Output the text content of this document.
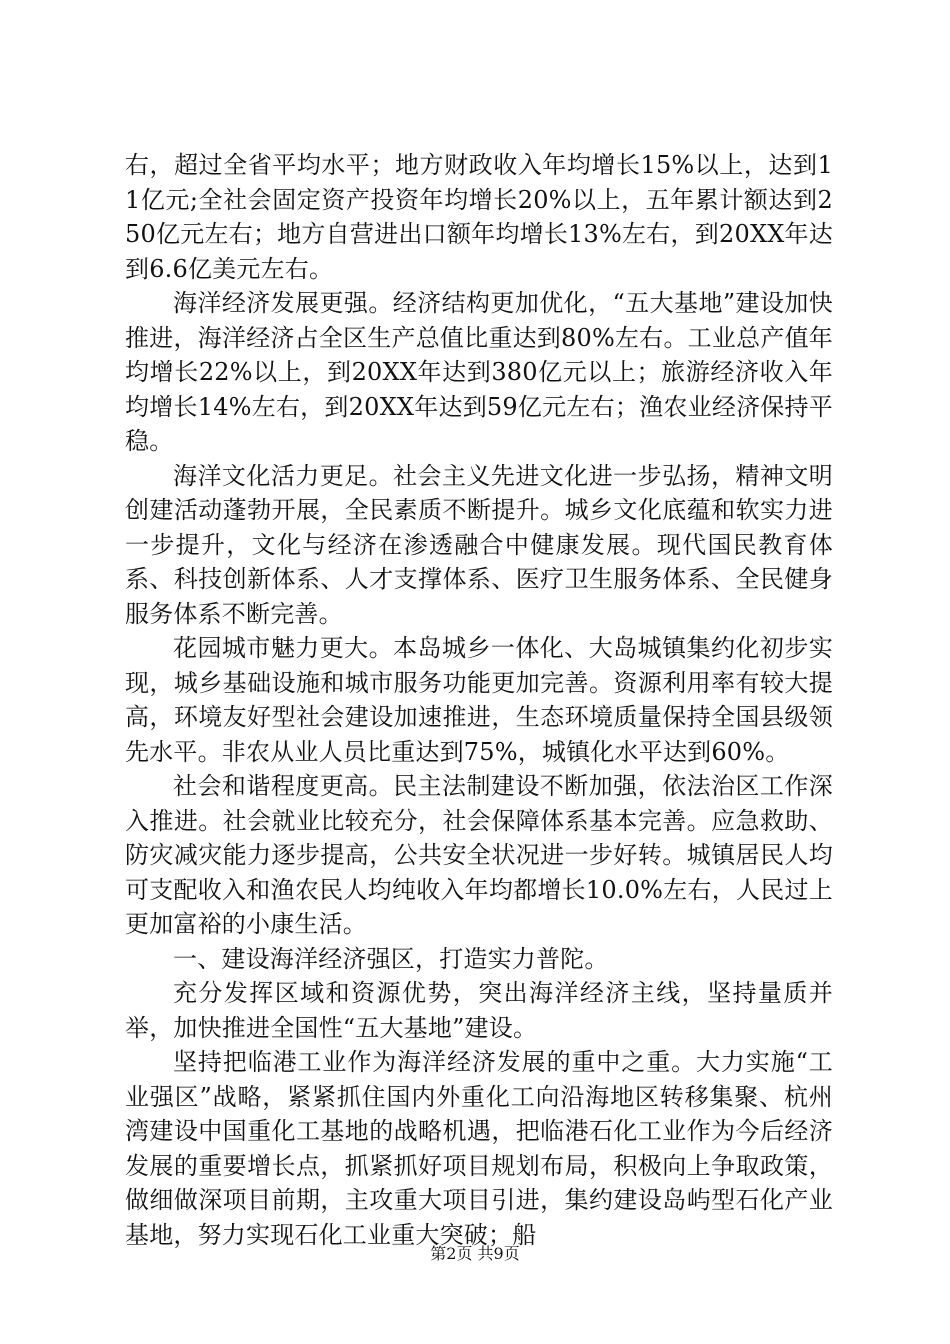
右，超过全省平均水平；地方财政收入年均增长15%以上，达到11亿元;全社会固定资产投资年均增长20%以上，五年累计额达到250亿元左右；地方自营进出口额年均增长13%左右，到20XX年达到6.6亿美元左右。

海洋经济发展更强。经济结构更加优化，“五大基地”建设加快推进，海洋经济占全区生产总值比重达到80%左右。工业总产值年均增长22%以上，到20XX年达到380亿元以上；旅游经济收入年均增长14%左右，到20XX年达到59亿元左右；渔农业经济保持平稳。

海洋文化活力更足。社会主义先进文化进一步弘扬，精神文明创建活动蓬勃开展，全民素质不断提升。城乡文化底蕴和软实力进一步提升，文化与经济在渗透融合中健康发展。现代国民教育体系、科技创新体系、人才支撑体系、医疗卫生服务体系、全民健身服务体系不断完善。

花园城市魅力更大。本岛城乡一体化、大岛城镇集约化初步实现，城乡基础设施和城市服务功能更加完善。资源利用率有较大提高，环境友好型社会建设加速推进，生态环境质量保持全国县级领先水平。非农从业人员比重达到75%，城镇化水平达到60%。

社会和谐程度更高。民主法制建设不断加强，依法治区工作深入推进。社会就业比较充分，社会保障体系基本完善。应急救助、防灾减灾能力逐步提高，公共安全状况进一步好转。城镇居民人均可支配收入和渔农民人均纯收入年均都增长10.0%左右，人民过上更加富裕的小康生活。

一、建设海洋经济强区，打造实力普陀。

充分发挥区域和资源优势，突出海洋经济主线，坚持量质并举，加快推进全国性“五大基地”建设。

坚持把临港工业作为海洋经济发展的重中之重。大力实施“工业强区”战略，紧紧抓住国内外重化工向沿海地区转移集聚、杭州湾建设中国重化工基地的战略机遇，把临港石化工业作为今后经济发展的重要增长点，抓紧抓好项目规划布局，积极向上争取政策，做细做深项目前期，主攻重大项目引进，集约建设岛屿型石化产业基地，努力实现石化工业重大突破；船

第2页 共9页
